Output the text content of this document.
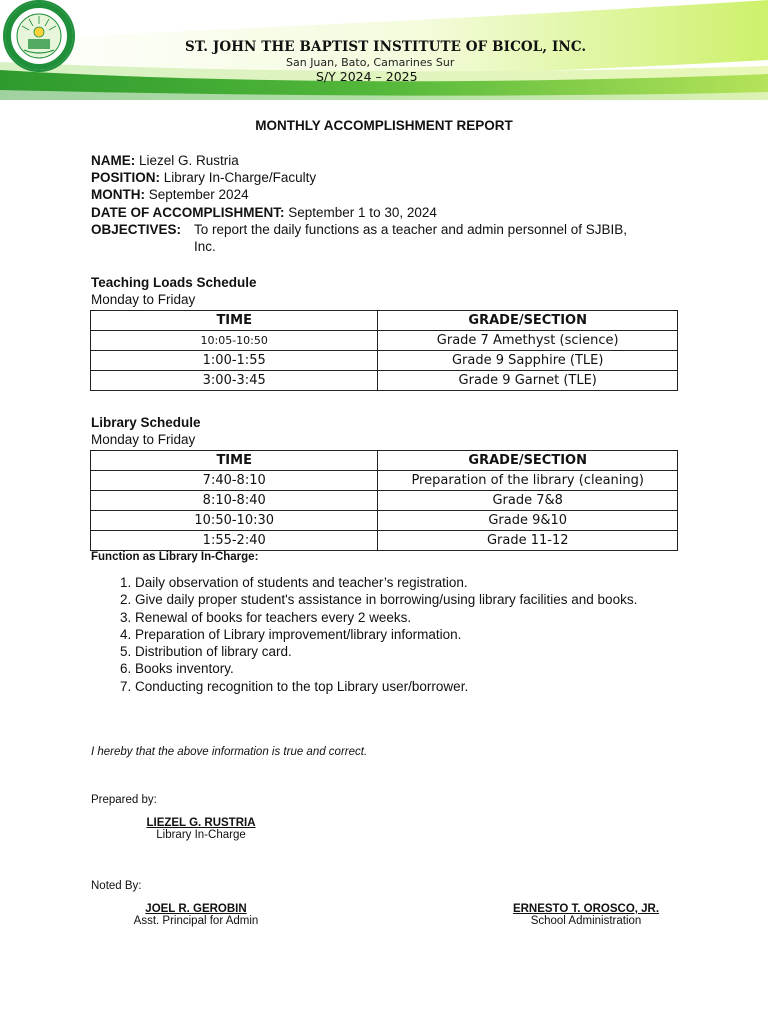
ST. JOHN THE BAPTIST INSTITUTE OF BICOL, INC.
San Juan, Bato, Camarines Sur
S/Y 2024 – 2025
MONTHLY ACCOMPLISHMENT REPORT
NAME: Liezel G. Rustria
POSITION: Library In-Charge/Faculty
MONTH: September 2024
DATE OF ACCOMPLISHMENT: September 1 to 30, 2024
OBJECTIVES: To report the daily functions as a teacher and admin personnel of SJBIB, Inc.
Teaching Loads Schedule
Monday to Friday
TIME	GRADE/SECTION
10:05-10:50	Grade 7 Amethyst (science)
1:00-1:55	Grade 9 Sapphire (TLE)
3:00-3:45	Grade 9 Garnet (TLE)
Library Schedule
Monday to Friday
TIME	GRADE/SECTION
7:40-8:10	Preparation of the library (cleaning)
8:10-8:40	Grade 7&8
10:50-10:30	Grade 9&10
1:55-2:40	Grade 11-12
Function as Library In-Charge:
1. Daily observation of students and teacher’s registration.
2. Give daily proper student's assistance in borrowing/using library facilities and books.
3. Renewal of books for teachers every 2 weeks.
4. Preparation of Library improvement/library information.
5. Distribution of library card.
6. Books inventory.
7. Conducting recognition to the top Library user/borrower.
I hereby that the above information is true and correct.
Prepared by:
LIEZEL G. RUSTRIA
Library In-Charge
Noted By:
JOEL R. GEROBIN
Asst. Principal for Admin
ERNESTO T. OROSCO, JR.
School Administration
